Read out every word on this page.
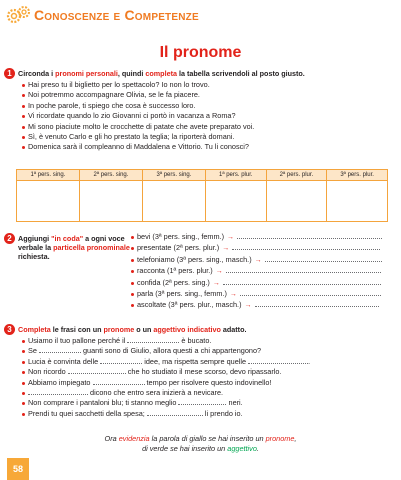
Conoscenze e Competenze
Il pronome
1 Circonda i pronomi personali, quindi completa la tabella scrivendoli al posto giusto.
Hai preso tu il biglietto per lo spettacolo? Io non lo trovo.
Noi potremmo accompagnare Olivia, se le fa piacere.
In poche parole, ti spiego che cosa è successo loro.
Vi ricordate quando lo zio Giovanni ci portò in vacanza a Roma?
Mi sono piaciute molto le crocchette di patate che avete preparato voi.
Sì, è venuto Carlo e gli ho prestato la teglia; la riporterà domani.
Domenica sarà il compleanno di Maddalena e Vittorio. Tu li conosci?
1ª pers. sing.	2ª pers. sing.	3ª pers. sing.	1ª pers. plur.	2ª pers. plur.	3ª pers. plur.

2 Aggiungi "in coda" a ogni voce verbale la particella pronominale richiesta.
bevi (3ª pers. sing., femm.) →
presentate (2ª pers. plur.) →
telefoniamo (3ª pers. sing., masch.) →
racconta (1ª pers. plur.) →
confida (2ª pers. sing.) →
parla (3ª pers. sing., femm.) →
ascoltate (3ª pers. plur., masch.) →
3 Completa le frasi con un pronome o un aggettivo indicativo adatto.
Usiamo il tuo pallone perché il	è bucato.
Se	guanti sono di Giulio, allora questi a chi appartengono?
Lucia è convinta delle	idee, ma rispetta sempre quelle	.
Non ricordo	che ho studiato il mese scorso, devo ripassarlo.
Abbiamo impiegato	tempo per risolvere questo indovinello!
dicono che entro sera inizierà a nevicare.
Non comprare i pantaloni blu; ti stanno meglio	neri.
Prendi tu quei sacchetti della spesa;	li prendo io.
Ora evidenzia la parola di giallo se hai inserito un pronome,
di verde se hai inserito un aggettivo.
58
